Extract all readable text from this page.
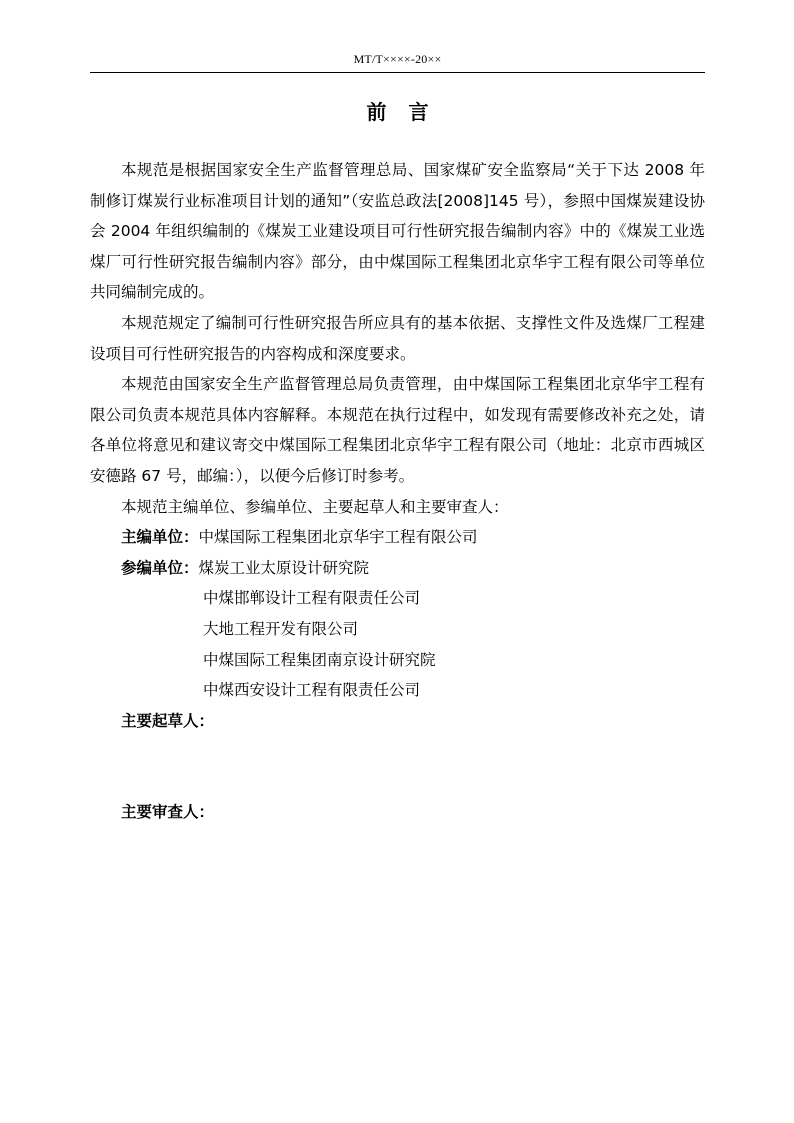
MT/T××××-20××
前言

本规范是根据国家安全生产监督管理总局、国家煤矿安全监察局“关于下达 2008 年制修订煤炭行业标准项目计划的通知”（安监总政法[2008]145 号），参照中国煤炭建设协会 2004 年组织编制的《煤炭工业建设项目可行性研究报告编制内容》中的《煤炭工业选煤厂可行性研究报告编制内容》部分，由中煤国际工程集团北京华宇工程有限公司等单位共同编制完成的。

本规范规定了编制可行性研究报告所应具有的基本依据、支撑性文件及选煤厂工程建设项目可行性研究报告的内容构成和深度要求。

本规范由国家安全生产监督管理总局负责管理，由中煤国际工程集团北京华宇工程有限公司负责本规范具体内容解释。本规范在执行过程中，如发现有需要修改补充之处，请各单位将意见和建议寄交中煤国际工程集团北京华宇工程有限公司（地址：北京市西城区安德路 67 号，邮编：），以便今后修订时参考。

本规范主编单位、参编单位、主要起草人和主要审查人：

主编单位：中煤国际工程集团北京华宇工程有限公司
参编单位：煤炭工业太原设计研究院
中煤邯郸设计工程有限责任公司
大地工程开发有限公司
中煤国际工程集团南京设计研究院
中煤西安设计工程有限责任公司
主要起草人：
主要审查人：
